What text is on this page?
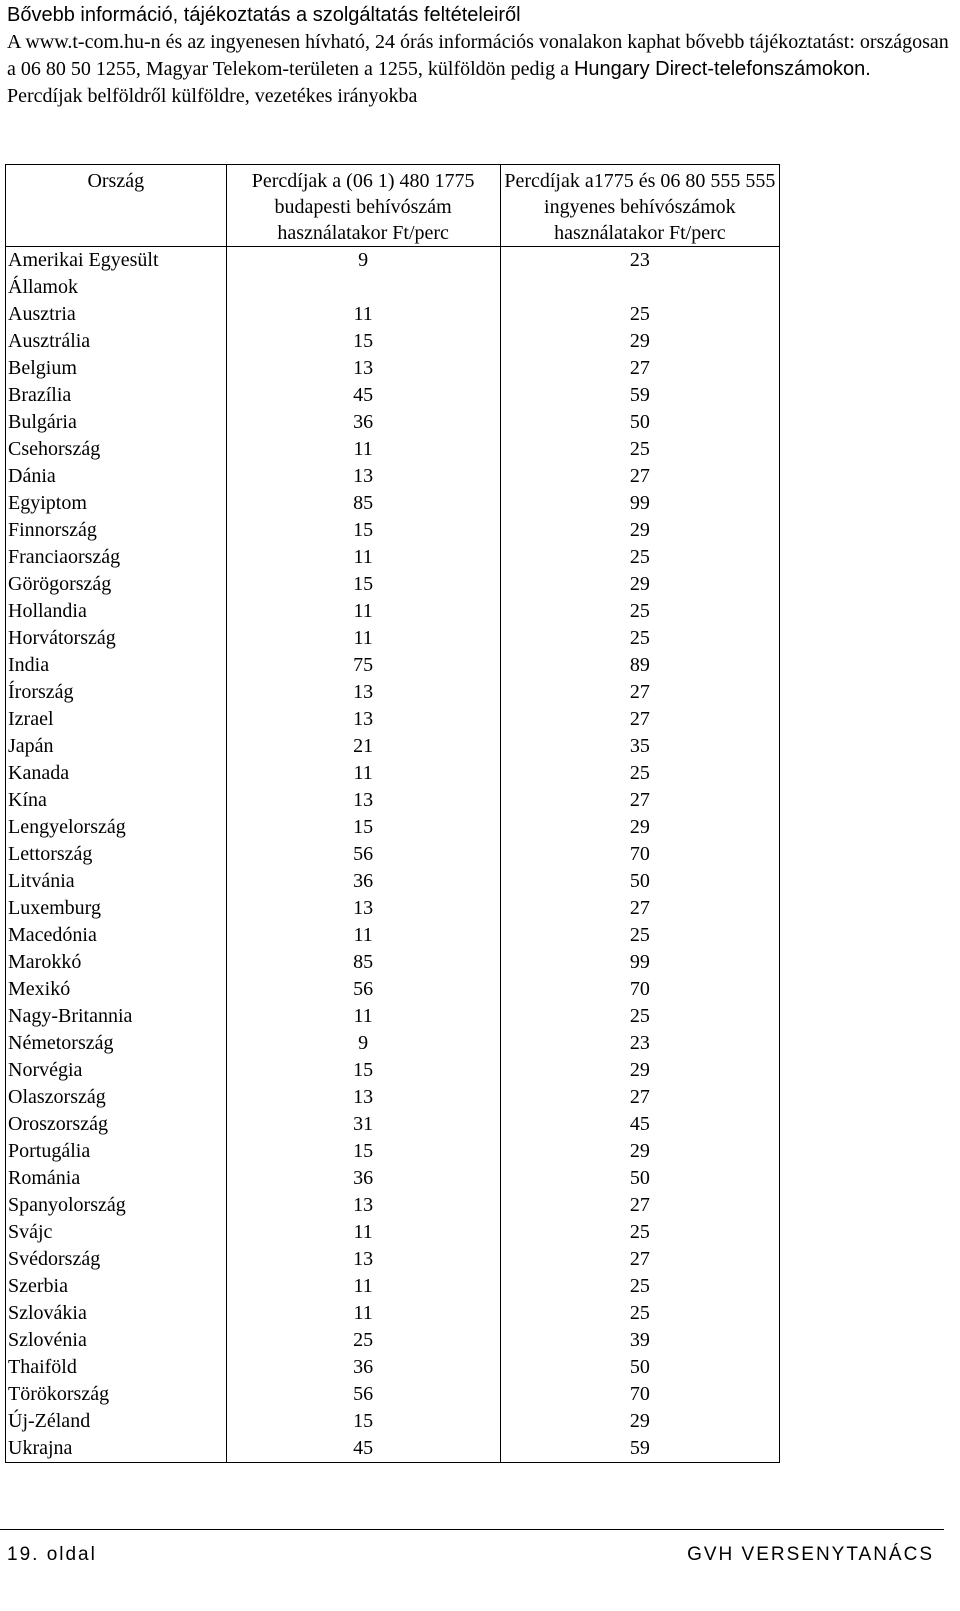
Bővebb információ, tájékoztatás a szolgáltatás feltételeiről

A www.t-com.hu-n és az ingyenesen hívható, 24 órás információs vonalakon kaphat bővebb tájékoztatást: országosan a 06 80 50 1255, Magyar Telekom-területen a 1255, külföldön pedig a Hungary Direct-telefonszámokon.

Percdíjak belföldről külföldre, vezetékes irányokba

Ország	Percdíjak a (06 1) 480 1775 budapesti behívószám használatakor Ft/perc	Percdíjak a1775 és 06 80 555 555 ingyenes behívószámok használatakor Ft/perc
Amerikai Egyesült Államok	9	23
Ausztria	11	25
Ausztrália	15	29
Belgium	13	27
Brazília	45	59
Bulgária	36	50
Csehország	11	25
Dánia	13	27
Egyiptom	85	99
Finnország	15	29
Franciaország	11	25
Görögország	15	29
Hollandia	11	25
Horvátország	11	25
India	75	89
Írország	13	27
Izrael	13	27
Japán	21	35
Kanada	11	25
Kína	13	27
Lengyelország	15	29
Lettország	56	70
Litvánia	36	50
Luxemburg	13	27
Macedónia	11	25
Marokkó	85	99
Mexikó	56	70
Nagy-Britannia	11	25
Németország	9	23
Norvégia	15	29
Olaszország	13	27
Oroszország	31	45
Portugália	15	29
Románia	36	50
Spanyolország	13	27
Svájc	11	25
Svédország	13	27
Szerbia	11	25
Szlovákia	11	25
Szlovénia	25	39
Thaiföld	36	50
Törökország	56	70
Új-Zéland	15	29
Ukrajna	45	59
19. oldal	GVH VERSENYTANÁCS
